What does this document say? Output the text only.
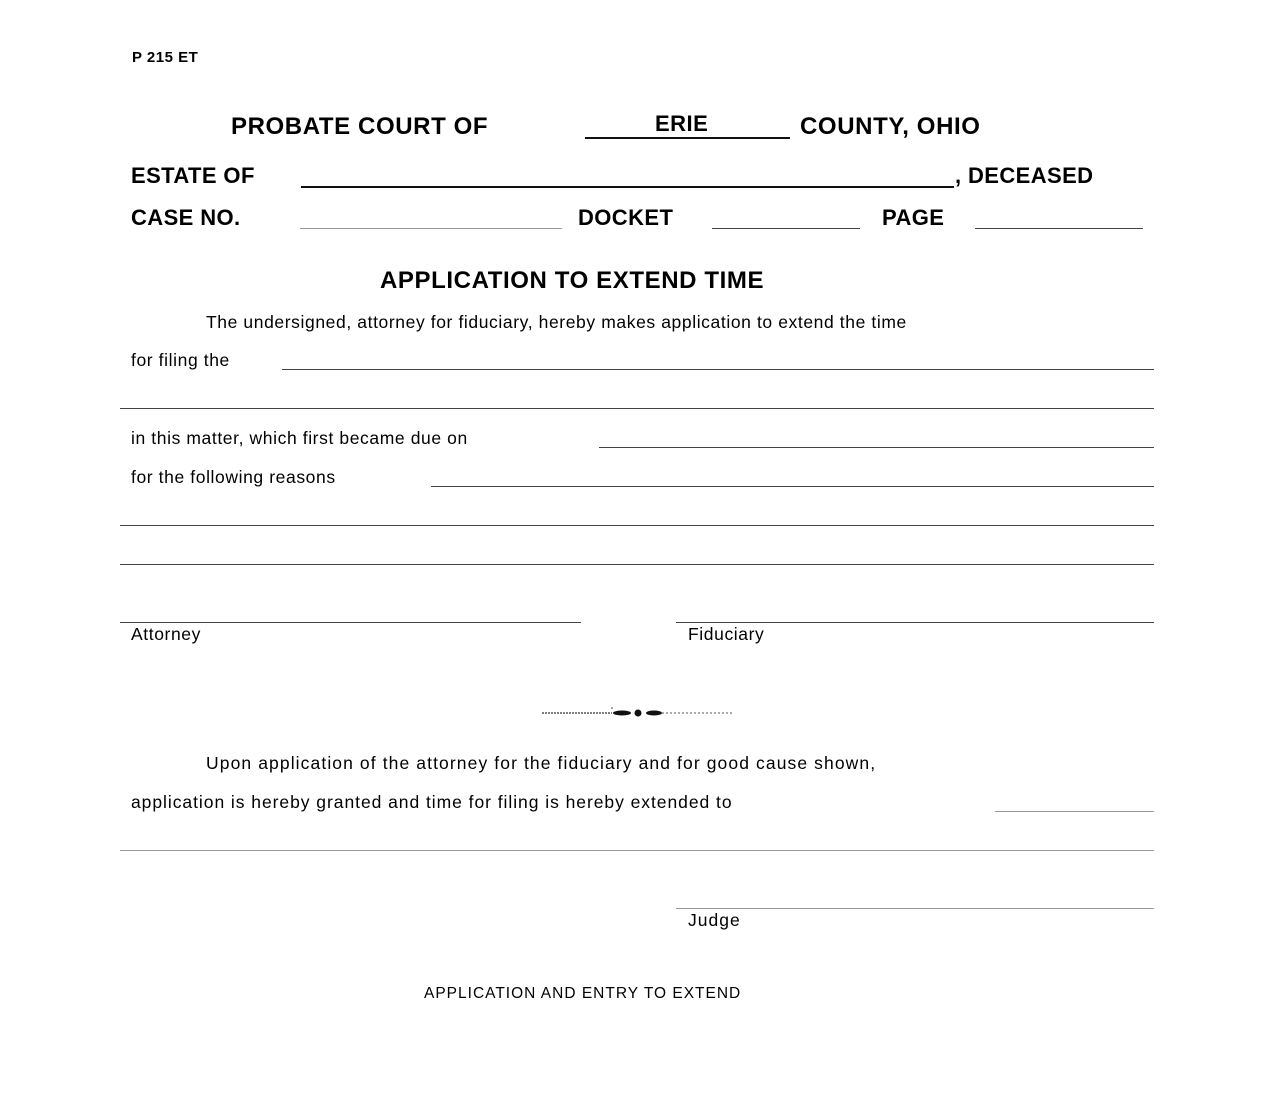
P 215 ET
PROBATE COURT OF	ERIE	COUNTY, OHIO
ESTATE OF	, DECEASED
CASE NO.	DOCKET	PAGE
APPLICATION TO EXTEND TIME
The undersigned, attorney for fiduciary, hereby makes application to extend the time
for filing the
in this matter, which first became due on
for the following reasons
Attorney	Fiduciary
Upon application of the attorney for the fiduciary and for good cause shown,
application is hereby granted and time for filing is hereby extended to
Judge
APPLICATION AND ENTRY TO EXTEND
